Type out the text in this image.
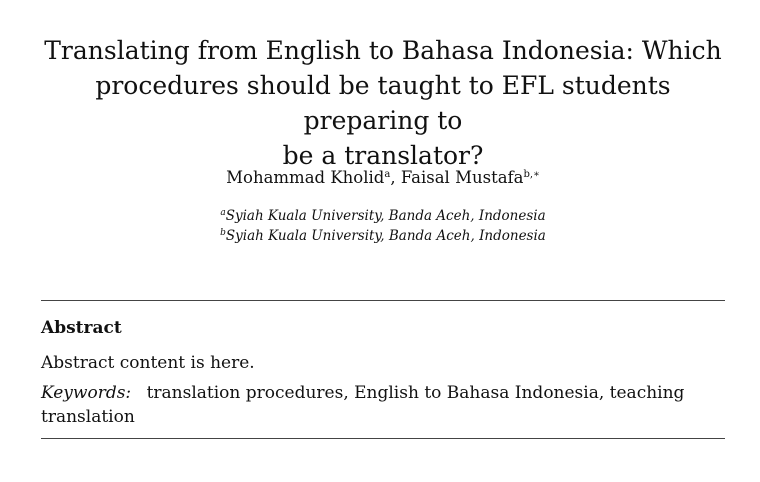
Translating from English to Bahasa Indonesia: Which
procedures should be taught to EFL students preparing to
be a translator?
Mohammad Kholid$^a$, Faisal Mustafa$^{b,∗}$
$^a$Syiah Kuala University, Banda Aceh, Indonesia
$^b$Syiah Kuala University, Banda Aceh, Indonesia
Abstract
Abstract content is here.
Keywords: translation procedures, English to Bahasa Indonesia, teaching translation
